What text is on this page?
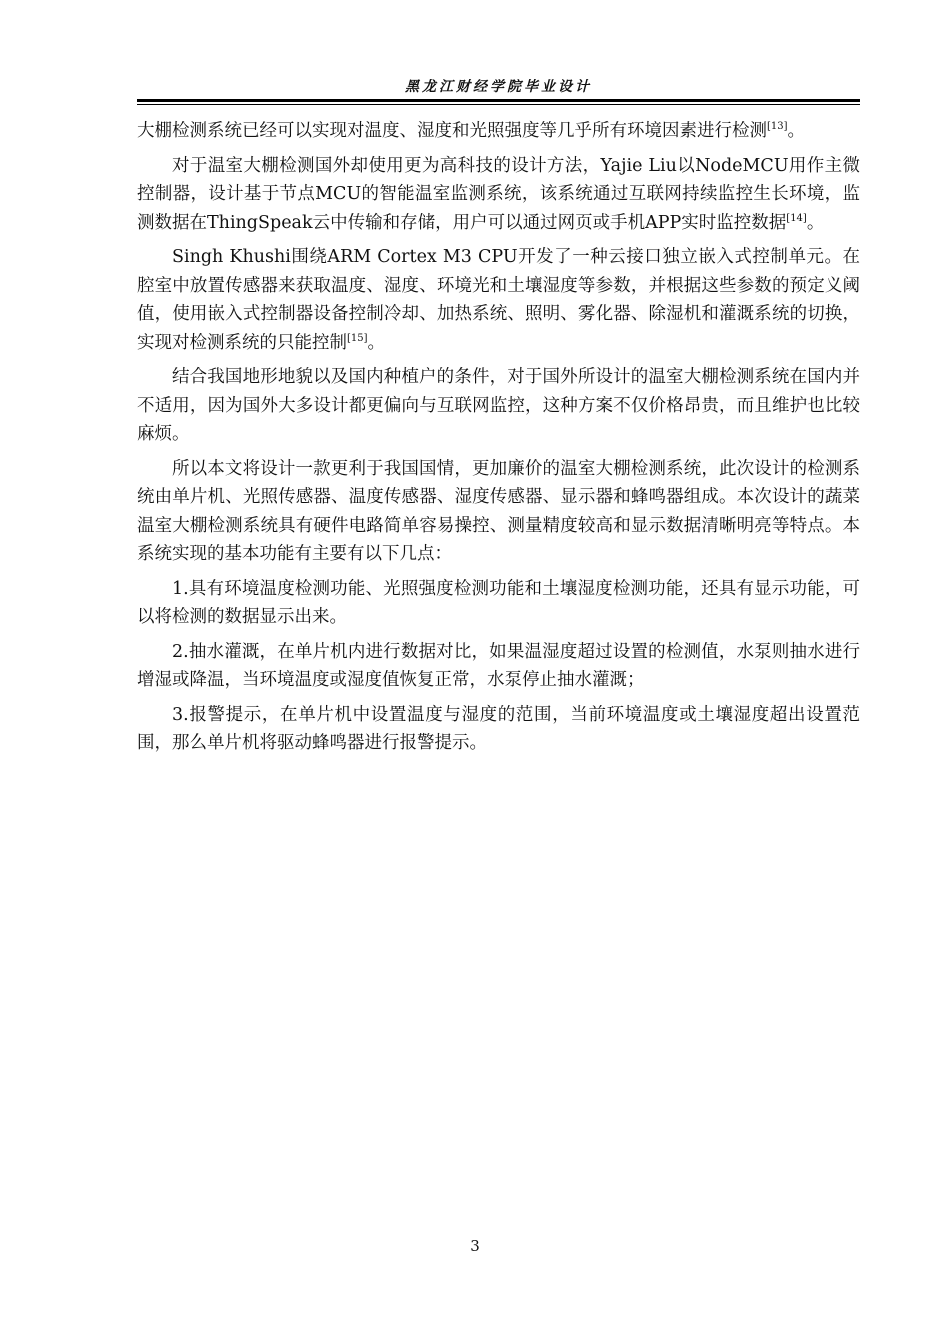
黑龙江财经学院毕业设计

大棚检测系统已经可以实现对温度、湿度和光照强度等几乎所有环境因素进行检测[13]。

对于温室大棚检测国外却使用更为高科技的设计方法，Yajie Liu以NodeMCU用作主微控制器，设计基于节点MCU的智能温室监测系统，该系统通过互联网持续监控生长环境，监测数据在ThingSpeak云中传输和存储，用户可以通过网页或手机APP实时监控数据[14]。

Singh Khushi围绕ARM Cortex M3 CPU开发了一种云接口独立嵌入式控制单元。在腔室中放置传感器来获取温度、湿度、环境光和土壤湿度等参数，并根据这些参数的预定义阈值，使用嵌入式控制器设备控制冷却、加热系统、照明、雾化器、除湿机和灌溉系统的切换，实现对检测系统的只能控制[15]。

结合我国地形地貌以及国内种植户的条件，对于国外所设计的温室大棚检测系统在国内并不适用，因为国外大多设计都更偏向与互联网监控，这种方案不仅价格昂贵，而且维护也比较麻烦。

所以本文将设计一款更利于我国国情，更加廉价的温室大棚检测系统，此次设计的检测系统由单片机、光照传感器、温度传感器、湿度传感器、显示器和蜂鸣器组成。本次设计的蔬菜温室大棚检测系统具有硬件电路简单容易操控、测量精度较高和显示数据清晰明亮等特点。本系统实现的基本功能有主要有以下几点：

1.具有环境温度检测功能、光照强度检测功能和土壤湿度检测功能，还具有显示功能，可以将检测的数据显示出来。

2.抽水灌溉，在单片机内进行数据对比，如果温湿度超过设置的检测值，水泵则抽水进行增湿或降温，当环境温度或湿度值恢复正常，水泵停止抽水灌溉；

3.报警提示，在单片机中设置温度与湿度的范围，当前环境温度或土壤湿度超出设置范围，那么单片机将驱动蜂鸣器进行报警提示。

3
